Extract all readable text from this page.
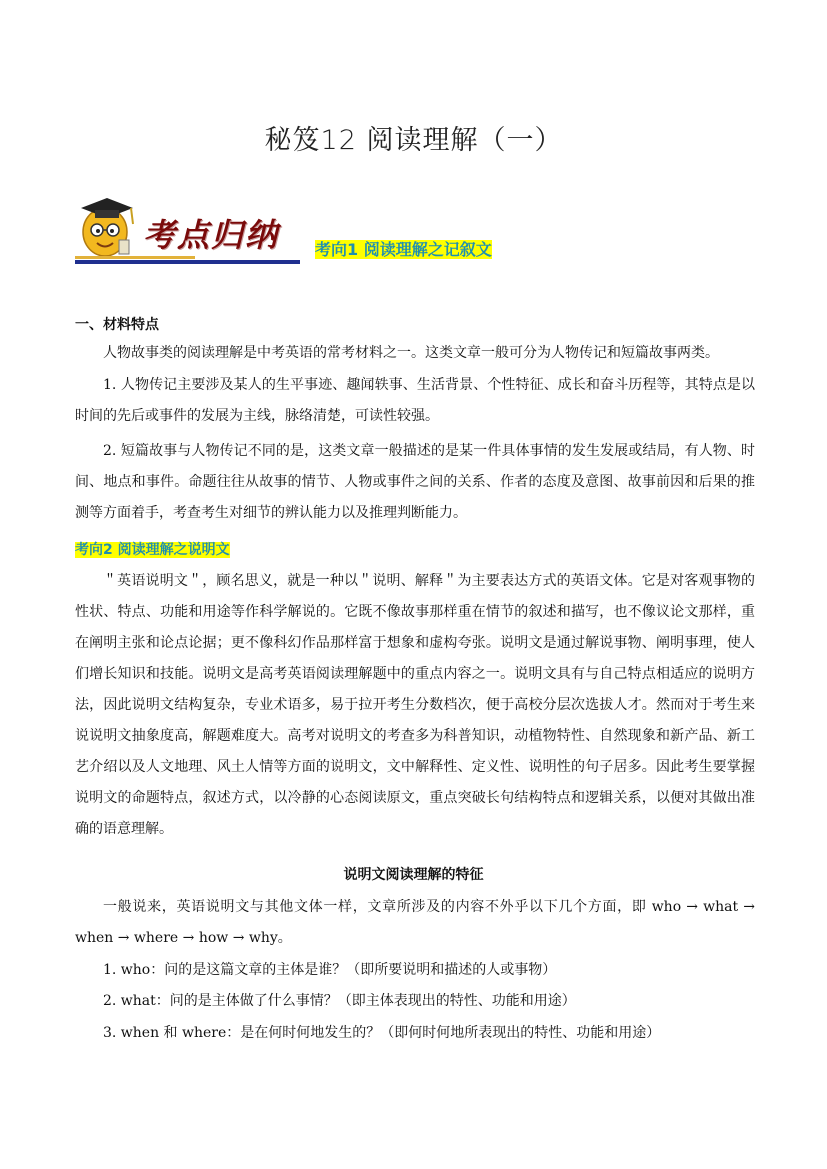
秘笈12 阅读理解（一）
考点归纳 考向1 阅读理解之记叙文
一、材料特点

人物故事类的阅读理解是中考英语的常考材料之一。这类文章一般可分为人物传记和短篇故事两类。

1. 人物传记主要涉及某人的生平事迹、趣闻轶事、生活背景、个性特征、成长和奋斗历程等，其特点是以时间的先后或事件的发展为主线，脉络清楚，可读性较强。

2. 短篇故事与人物传记不同的是，这类文章一般描述的是某一件具体事情的发生发展或结局，有人物、时间、地点和事件。命题往往从故事的情节、人物或事件之间的关系、作者的态度及意图、故事前因和后果的推测等方面着手，考查考生对细节的辨认能力以及推理判断能力。

考向2 阅读理解之说明文

＂英语说明文＂，顾名思义，就是一种以＂说明、解释＂为主要表达方式的英语文体。它是对客观事物的性状、特点、功能和用途等作科学解说的。它既不像故事那样重在情节的叙述和描写，也不像议论文那样，重在阐明主张和论点论据；更不像科幻作品那样富于想象和虚构夸张。说明文是通过解说事物、阐明事理，使人们增长知识和技能。说明文是高考英语阅读理解题中的重点内容之一。说明文具有与自己特点相适应的说明方法，因此说明文结构复杂，专业术语多，易于拉开考生分数档次，便于高校分层次选拔人才。然而对于考生来说说明文抽象度高，解题难度大。高考对说明文的考查多为科普知识，动植物特性、自然现象和新产品、新工艺介绍以及人文地理、风土人情等方面的说明文，文中解释性、定义性、说明性的句子居多。因此考生要掌握说明文的命题特点，叙述方式，以冷静的心态阅读原文，重点突破长句结构特点和逻辑关系，以便对其做出准确的语意理解。

说明文阅读理解的特征

一般说来，英语说明文与其他文体一样，文章所涉及的内容不外乎以下几个方面，即 who → what → when → where → how → why。

1. who：问的是这篇文章的主体是谁？（即所要说明和描述的人或事物）

2. what：问的是主体做了什么事情？（即主体表现出的特性、功能和用途）

3. when 和 where：是在何时何地发生的？（即何时何地所表现出的特性、功能和用途）
